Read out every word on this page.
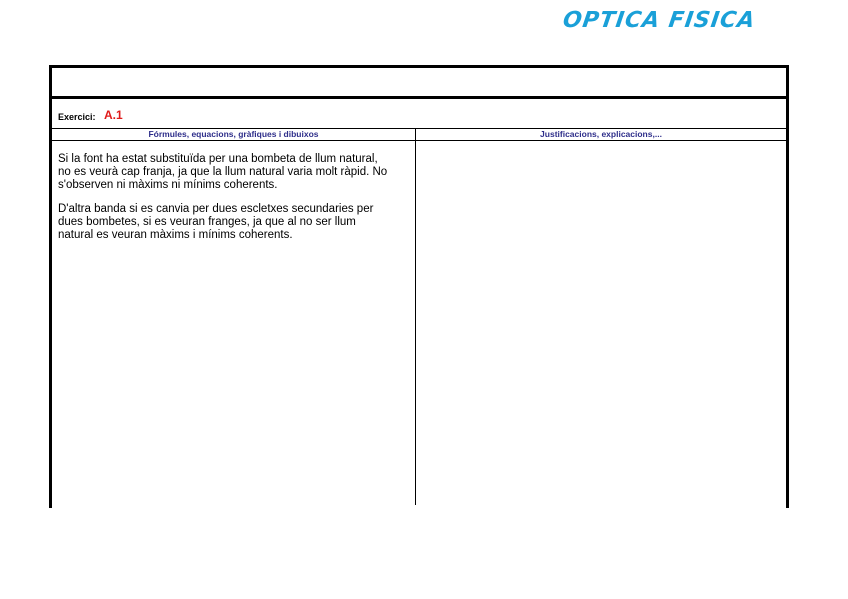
OPTICA FISICA
Exercici: A.1
Fórmules, equacions, gràfiques i dibuixos	Justificacions, explicacions,...

Si la font ha estat substituïda per una bombeta de llum natural,
no es veurà cap franja, ja que la llum natural varia molt ràpid. No
s'observen ni màxims ni mínims coherents.

D'altra banda si es canvia per dues escletxes secundaries per
dues bombetes, si es veuran franges, ja que al no ser llum
natural es veuran màxims i mínims coherents.
